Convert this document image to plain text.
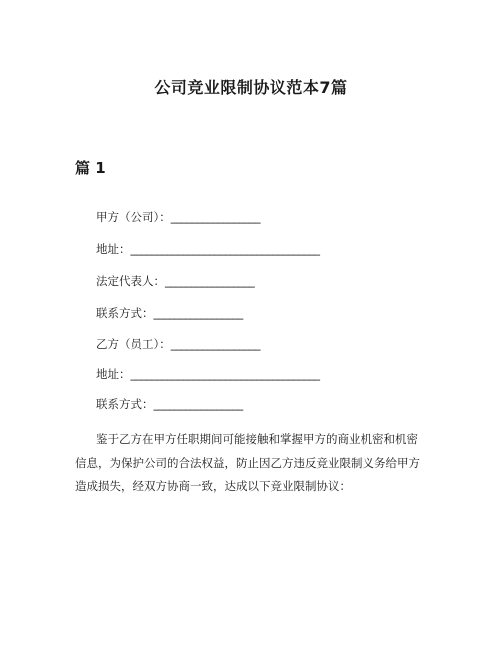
公司竞业限制协议范本7篇
篇 1
甲方（公司）：_________________
地址：____________________________________
法定代表人：_________________
联系方式：_________________
乙方（员工）：_________________
地址：____________________________________
联系方式：_________________
鉴于乙方在甲方任职期间可能接触和掌握甲方的商业机密和机密
信息，为保护公司的合法权益，防止因乙方违反竞业限制义务给甲方
造成损失，经双方协商一致，达成以下竞业限制协议：
